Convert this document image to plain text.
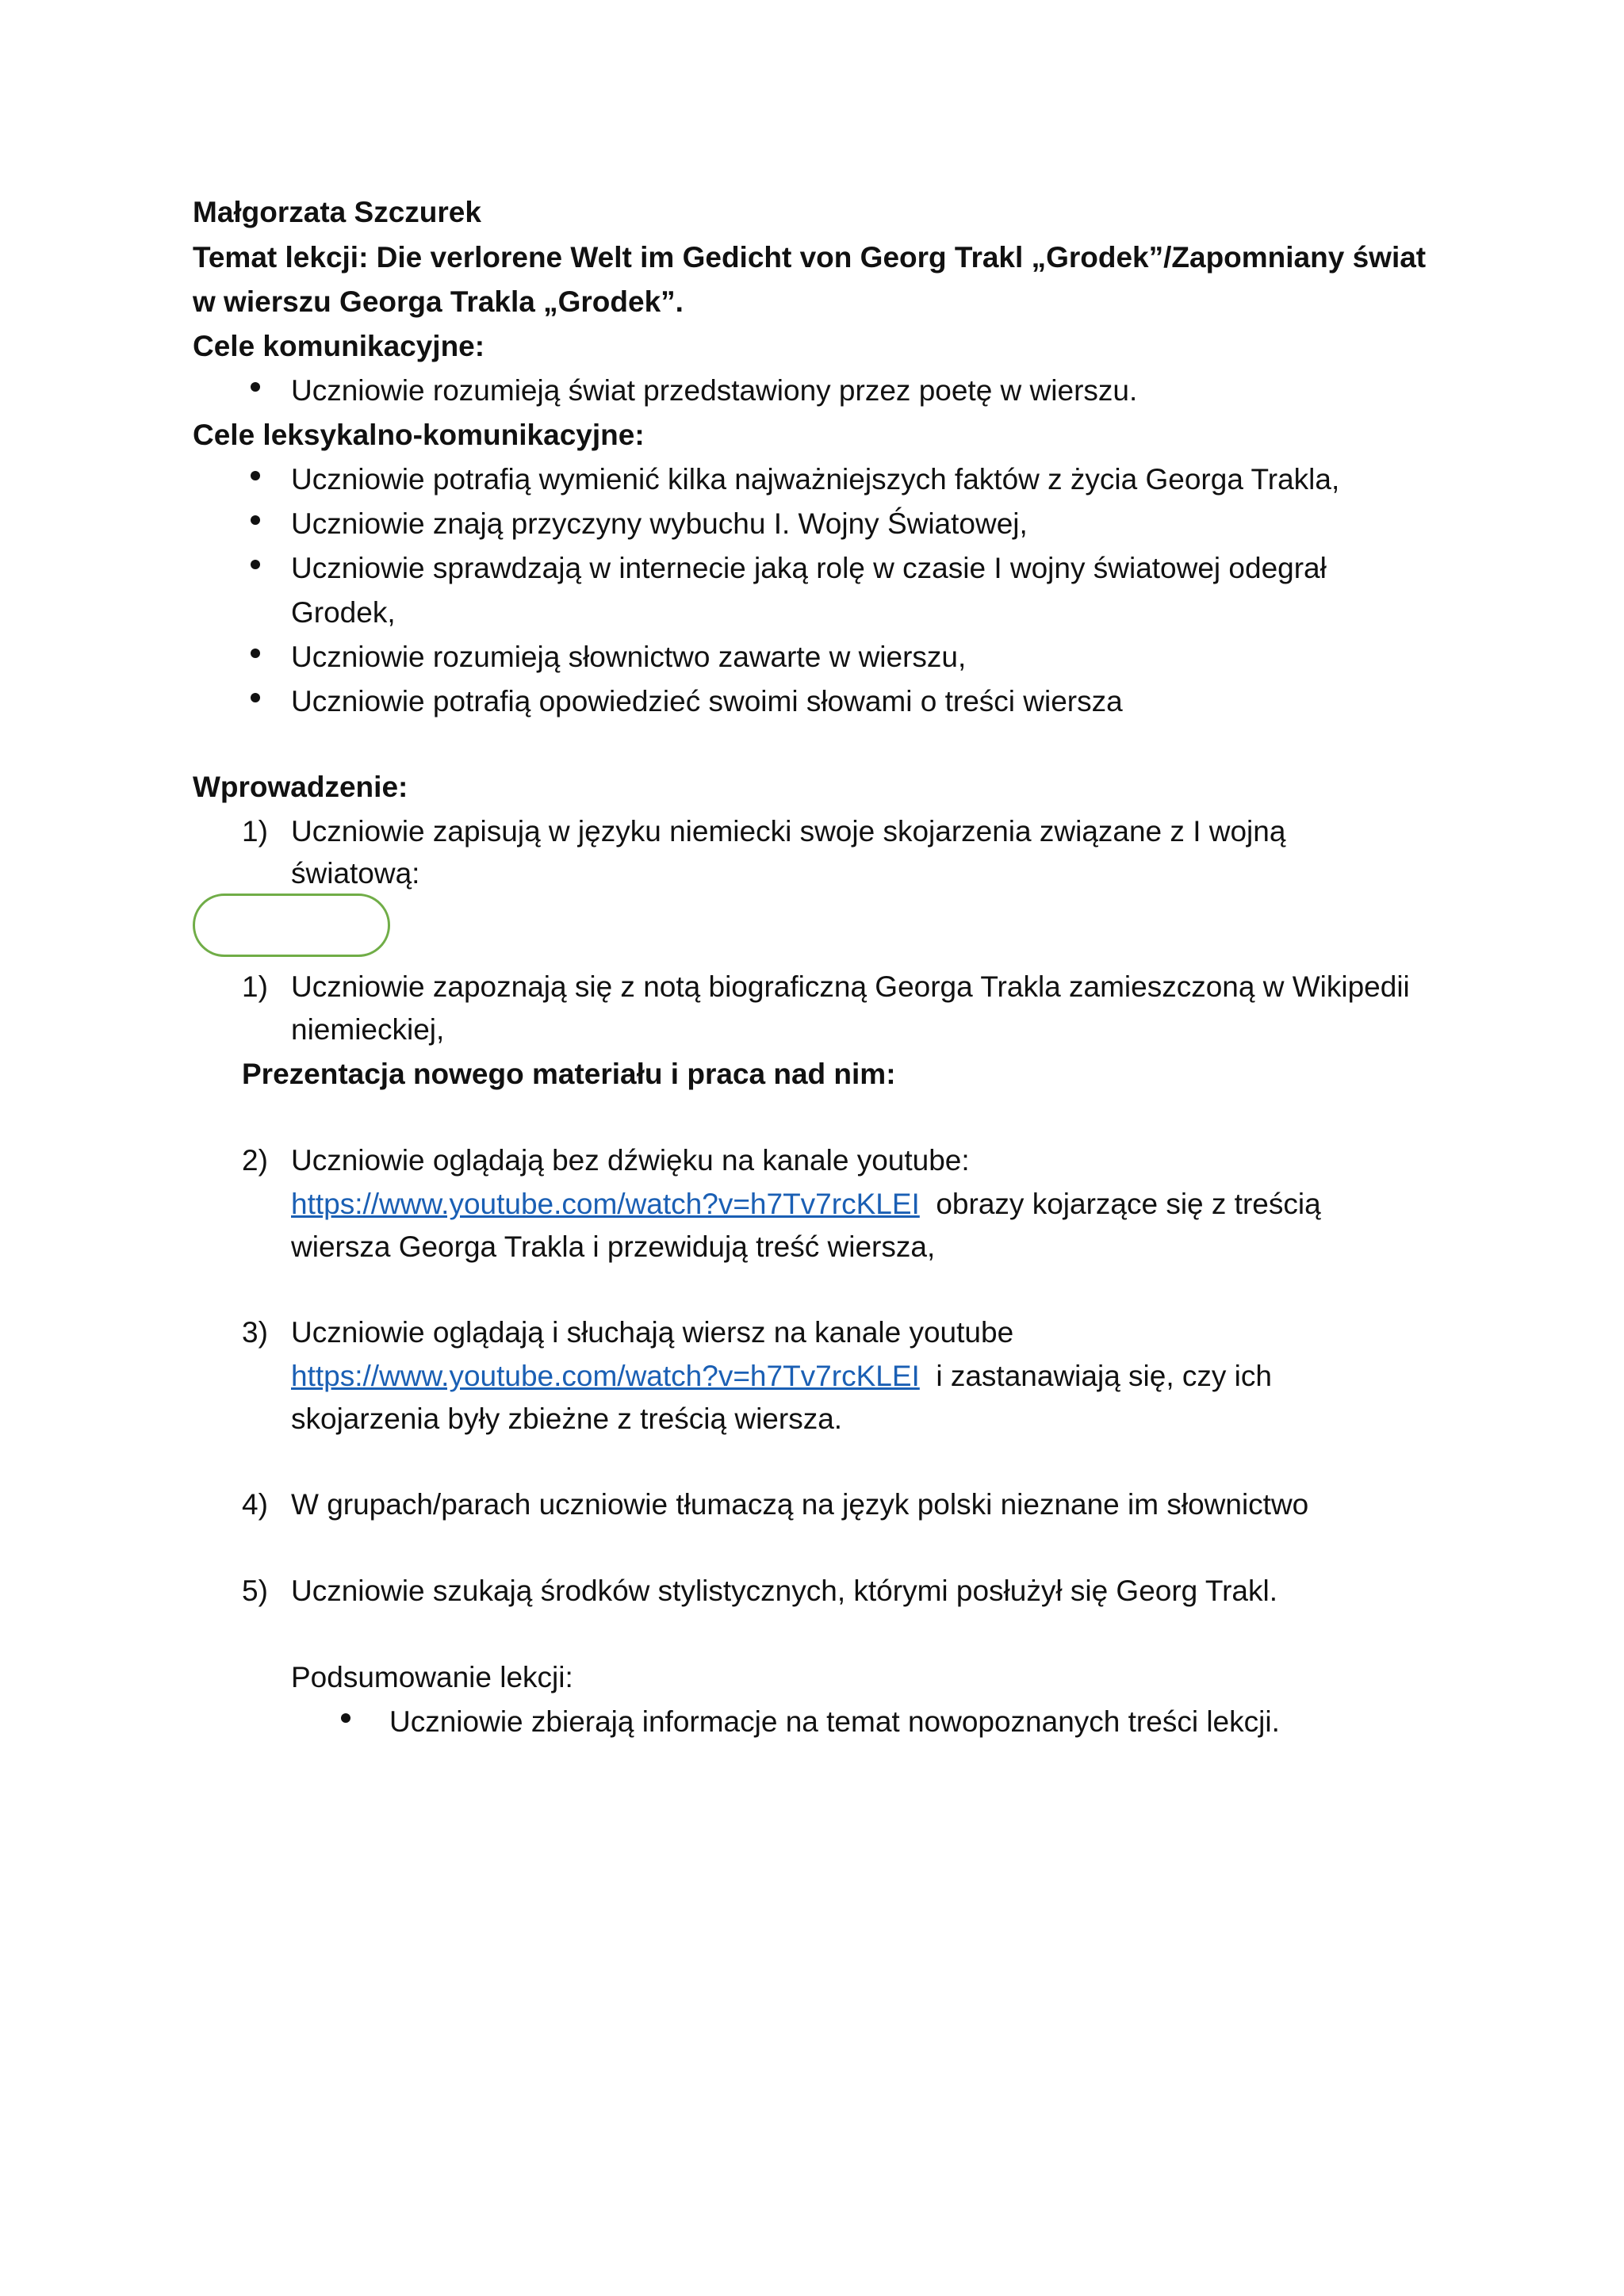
Małgorzata Szczurek
Temat lekcji: Die verlorene Welt im Gedicht von Georg Trakl „Grodek”/Zapomniany świat
w wierszu Georga Trakla „Grodek”.
Cele komunikacyjne:
Uczniowie rozumieją świat przedstawiony przez poetę w wierszu.
Cele leksykalno-komunikacyjne:
Uczniowie potrafią wymienić kilka najważniejszych faktów z życia Georga Trakla,
Uczniowie znają przyczyny wybuchu I. Wojny Światowej,
Uczniowie sprawdzają w internecie jaką rolę w czasie I wojny światowej odegrał
Grodek,
Uczniowie rozumieją słownictwo zawarte w wierszu,
Uczniowie potrafią opowiedzieć swoimi słowami o treści wiersza
Wprowadzenie:
1) Uczniowie zapisują w języku niemiecki swoje skojarzenia związane z I wojną
światową:
1) Uczniowie zapoznają się z notą biograficzną Georga Trakla zamieszczoną w Wikipedii
niemieckiej,
Prezentacja nowego materiału i praca nad nim:
2) Uczniowie oglądają bez dźwięku na kanale youtube:
https://www.youtube.com/watch?v=h7Tv7rcKLEI obrazy kojarzące się z treścią
wiersza Georga Trakla i przewidują treść wiersza,
3) Uczniowie oglądają i słuchają wiersz na kanale youtube
https://www.youtube.com/watch?v=h7Tv7rcKLEI i zastanawiają się, czy ich
skojarzenia były zbieżne z treścią wiersza.
4) W grupach/parach uczniowie tłumaczą na język polski nieznane im słownictwo
5) Uczniowie szukają środków stylistycznych, którymi posłużył się Georg Trakl.
Podsumowanie lekcji:
Uczniowie zbierają informacje na temat nowopoznanych treści lekcji.
